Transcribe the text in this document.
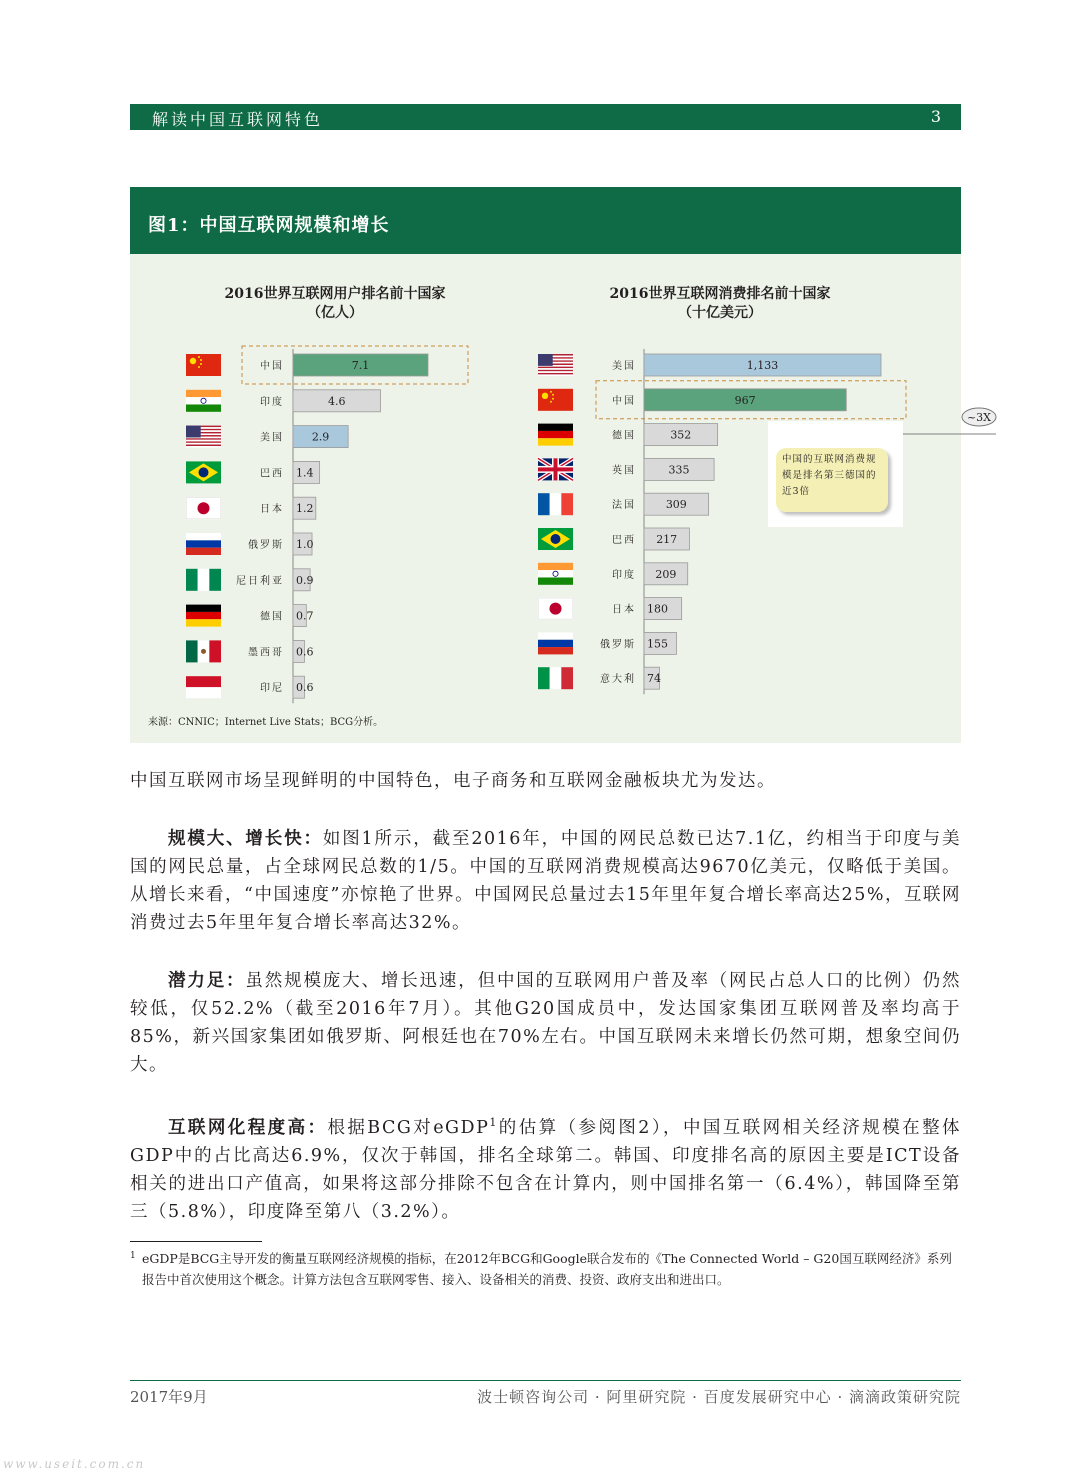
解读中国互联网特色	3
图1：中国互联网规模和增长
2016世界互联网用户排名前十国家
（亿人）
2016世界互联网消费排名前十国家
（十亿美元）
中国	7.1
印度	4.6
美国	2.9
巴西 1.4
日本 1.2
俄罗斯 1.0
尼日利亚 0.9
德国 0.7
墨西哥 0.6
印尼 0.6
美国	1,133
中国	967
德国	352
英国	335
法国	309
巴西 217
印度 209
日本 180
俄罗斯 155
意大利 74
~3X
来源：CNNIC；Internet Live Stats；BCG分析。
中国的互联网消费规模是排名第三德国的近3倍
中国互联网市场呈现鲜明的中国特色，电子商务和互联网金融板块尤为发达。
规模大、增长快：如图1所示，截至2016年，中国的网民总数已达7.1亿，约相当于印度与美国的网民总量，占全球网民总数的1/5。中国的互联网消费规模高达9670亿美元，仅略低于美国。从增长来看，“中国速度”亦惊艳了世界。中国网民总量过去15年里年复合增长率高达25%，互联网消费过去5年里年复合增长率高达32%。
潜力足：虽然规模庞大、增长迅速，但中国的互联网用户普及率（网民占总人口的比例）仍然较低，仅52.2%（截至2016年7月）。其他G20国成员中，发达国家集团互联网普及率均高于85%，新兴国家集团如俄罗斯、阿根廷也在70%左右。中国互联网未来增长仍然可期，想象空间仍大。
互联网化程度高：根据BCG对eGDP$^1$的估算（参阅图2），中国互联网相关经济规模在整体GDP中的占比高达6.9%，仅次于韩国，排名全球第二。韩国、印度排名高的原因主要是ICT设备相关的进出口产值高，如果将这部分排除不包含在计算内，则中国排名第一（6.4%），韩国降至第三（5.8%），印度降至第八（3.2%）。
1 eGDP是BCG主导开发的衡量互联网经济规模的指标，在2012年BCG和Google联合发布的《The Connected World – G20国互联网经济》系列报告中首次使用这个概念。计算方法包含互联网零售、接入、设备相关的消费、投资、政府支出和进出口。
2017年9月	波士顿咨询公司 · 阿里研究院 · 百度发展研究中心 · 滴滴政策研究院
www.useit.com.cn
